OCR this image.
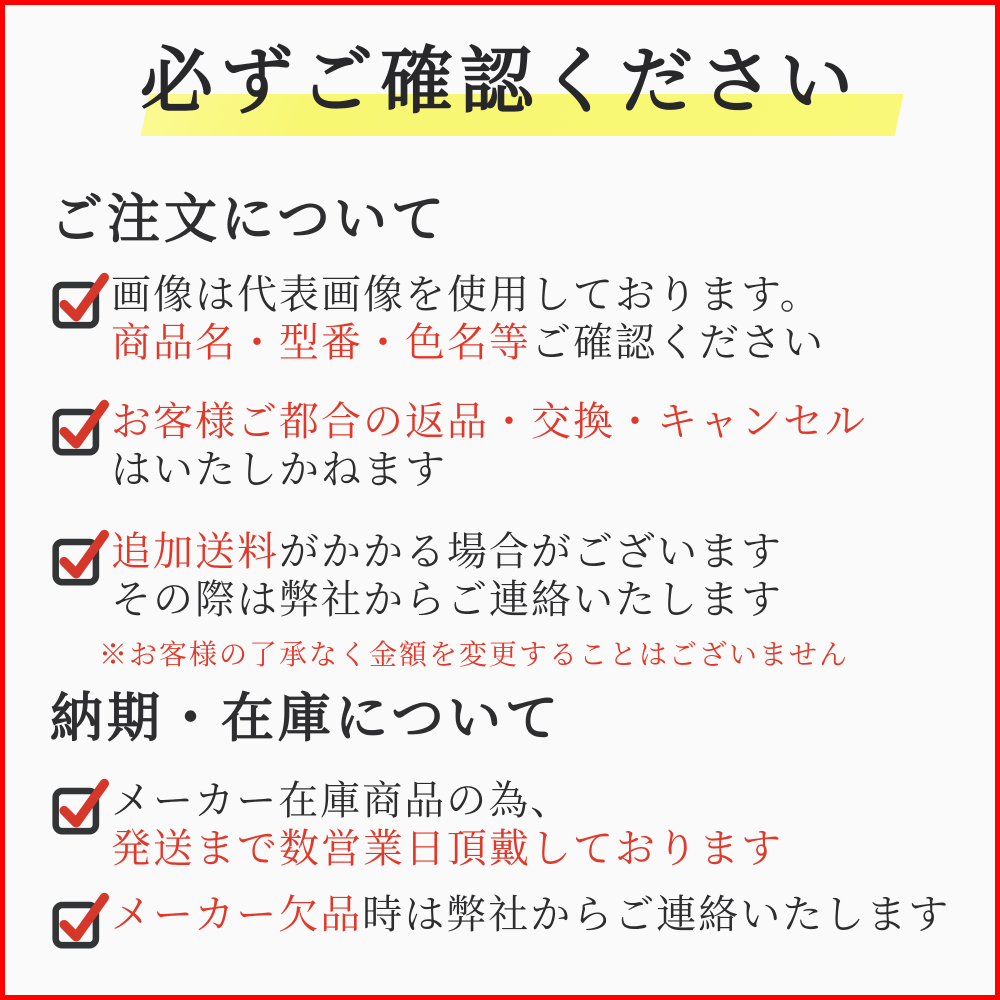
必ずご確認ください
ご注文について
画像は代表画像を使用しております。
商品名・型番・色名等ご確認ください
お客様ご都合の返品・交換・キャンセル
はいたしかねます
追加送料がかかる場合がございます
その際は弊社からご連絡いたします

※お客様の了承なく金額を変更することはございません

納期・在庫について
メーカー在庫商品の為、
発送まで数営業日頂戴しております
メーカー欠品時は弊社からご連絡いたします
